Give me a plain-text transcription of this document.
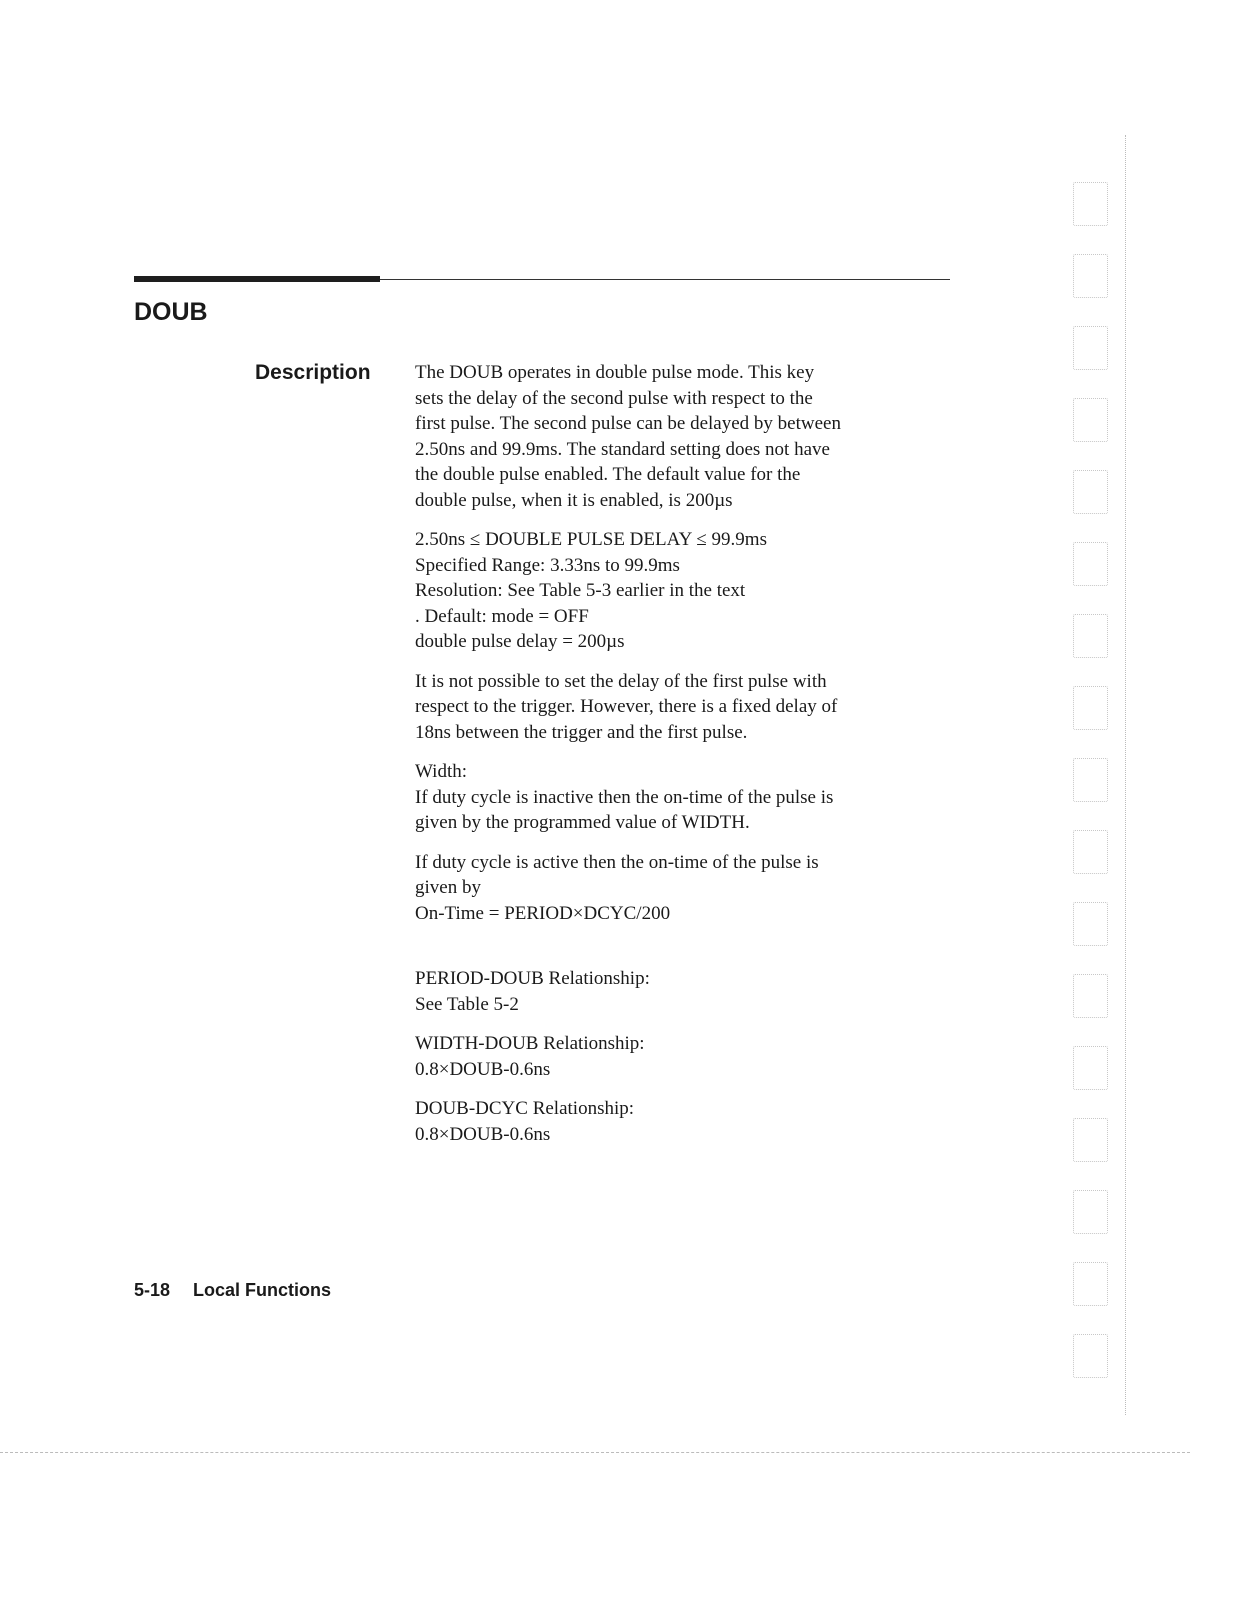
DOUB
Description The DOUB operates in double pulse mode. This key
sets the delay of the second pulse with respect to the
first pulse. The second pulse can be delayed by between
2.50ns and 99.9ms. The standard setting does not have
the double pulse enabled. The default value for the
double pulse, when it is enabled, is 200µs

2.50ns ≤ DOUBLE PULSE DELAY ≤ 99.9ms
Specified Range: 3.33ns to 99.9ms
Resolution: See Table 5-3 earlier in the text
. Default: mode = OFF
double pulse delay = 200µs

It is not possible to set the delay of the first pulse with
respect to the trigger. However, there is a fixed delay of
18ns between the trigger and the first pulse.

Width:
If duty cycle is inactive then the on-time of the pulse is
given by the programmed value of WIDTH.

If duty cycle is active then the on-time of the pulse is
given by
On-Time = PERIOD×DCYC/200

PERIOD-DOUB Relationship:
See Table 5-2

WIDTH-DOUB Relationship:
0.8×DOUB-0.6ns

DOUB-DCYC Relationship:
0.8×DOUB-0.6ns

5-18 Local Functions
